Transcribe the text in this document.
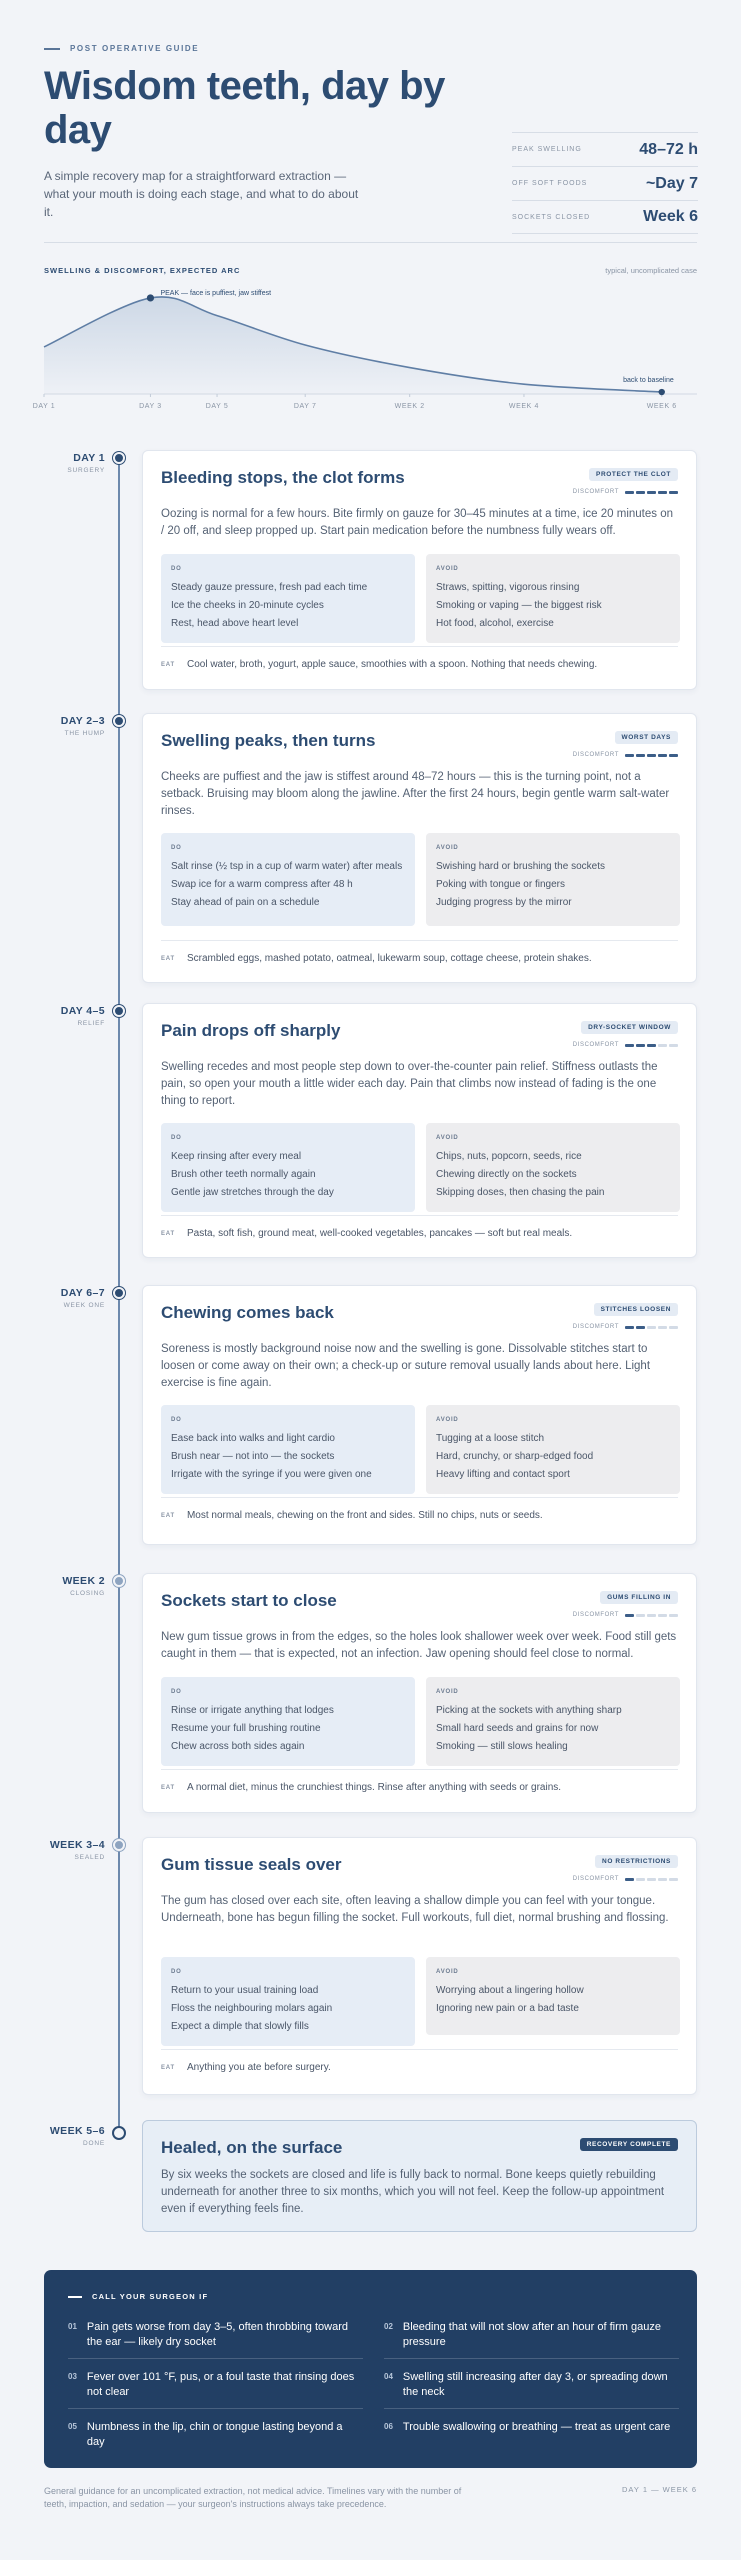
POST OPERATIVE GUIDE
Wisdom teeth, day by day

A simple recovery map for a straightforward extraction — what your mouth is doing each stage, and what to do about it.

PEAK SWELLING	48–72 h
OFF SOFT FOODS	~Day 7
SOCKETS CLOSED	Week 6
SWELLING & DISCOMFORT, EXPECTED ARC	typical, uncomplicated case
DAY 1	DAY 3	DAY 5	DAY 7	WEEK 2	WEEK 4	WEEK 6
PEAK — face is puffiest, jaw stiffest
back to baseline
DAY 1
SURGERY	Bleeding stops, the clot forms	PROTECT THE CLOT
DISCOMFORT

Oozing is normal for a few hours. Bite firmly on gauze for 30–45 minutes at a time, ice 20 minutes on / 20 off, and sleep propped up. Start pain medication before the numbness fully wears off.

DO
Steady gauze pressure, fresh pad each time
Ice the cheeks in 20-minute cycles
Rest, head above heart level
AVOID
Straws, spitting, vigorous rinsing
Smoking or vaping — the biggest risk
Hot food, alcohol, exercise
EAT Cool water, broth, yogurt, apple sauce, smoothies with a spoon. Nothing that needs chewing.
DAY 2–3
THE HUMP	Swelling peaks, then turns	WORST DAYS
DISCOMFORT

Cheeks are puffiest and the jaw is stiffest around 48–72 hours — this is the turning point, not a setback. Bruising may bloom along the jawline. After the first 24 hours, begin gentle warm salt-water rinses.

DO
Salt rinse (½ tsp in a cup of warm water) after meals
Swap ice for a warm compress after 48 h
Stay ahead of pain on a schedule
AVOID
Swishing hard or brushing the sockets
Poking with tongue or fingers
Judging progress by the mirror
EAT Scrambled eggs, mashed potato, oatmeal, lukewarm soup, cottage cheese, protein shakes.
DAY 4–5
RELIEF	Pain drops off sharply	DRY-SOCKET WINDOW
DISCOMFORT

Swelling recedes and most people step down to over-the-counter pain relief. Stiffness outlasts the pain, so open your mouth a little wider each day. Pain that climbs now instead of fading is the one thing to report.

DO
Keep rinsing after every meal
Brush other teeth normally again
Gentle jaw stretches through the day
AVOID
Chips, nuts, popcorn, seeds, rice
Chewing directly on the sockets
Skipping doses, then chasing the pain
EAT Pasta, soft fish, ground meat, well-cooked vegetables, pancakes — soft but real meals.
DAY 6–7
WEEK ONE	Chewing comes back	STITCHES LOOSEN
DISCOMFORT

Soreness is mostly background noise now and the swelling is gone. Dissolvable stitches start to loosen or come away on their own; a check-up or suture removal usually lands about here. Light exercise is fine again.

DO
Ease back into walks and light cardio
Brush near — not into — the sockets
Irrigate with the syringe if you were given one
AVOID
Tugging at a loose stitch
Hard, crunchy, or sharp-edged food
Heavy lifting and contact sport
EAT Most normal meals, chewing on the front and sides. Still no chips, nuts or seeds.
WEEK 2
CLOSING	Sockets start to close	GUMS FILLING IN
DISCOMFORT

New gum tissue grows in from the edges, so the holes look shallower week over week. Food still gets caught in them — that is expected, not an infection. Jaw opening should feel close to normal.

DO
Rinse or irrigate anything that lodges
Resume your full brushing routine
Chew across both sides again
AVOID
Picking at the sockets with anything sharp
Small hard seeds and grains for now
Smoking — still slows healing
EAT A normal diet, minus the crunchiest things. Rinse after anything with seeds or grains.
WEEK 3–4
SEALED	Gum tissue seals over	NO RESTRICTIONS
DISCOMFORT

The gum has closed over each site, often leaving a shallow dimple you can feel with your tongue. Underneath, bone has begun filling the socket. Full workouts, full diet, normal brushing and flossing.

DO
Return to your usual training load
Floss the neighbouring molars again
Expect a dimple that slowly fills
AVOID
Worrying about a lingering hollow
Ignoring new pain or a bad taste
EAT Anything you ate before surgery.
WEEK 5–6
DONE	Healed, on the surface	RECOVERY COMPLETE

By six weeks the sockets are closed and life is fully back to normal. Bone keeps quietly rebuilding underneath for another three to six months, which you will not feel. Keep the follow-up appointment even if everything feels fine.

CALL YOUR SURGEON IF
01 Pain gets worse from day 3–5, often throbbing toward the ear — likely dry socket
02 Bleeding that will not slow after an hour of firm gauze pressure
03 Fever over 101 °F, pus, or a foul taste that rinsing does not clear
04 Swelling still increasing after day 3, or spreading down the neck
05 Numbness in the lip, chin or tongue lasting beyond a day
06 Trouble swallowing or breathing — treat as urgent care
General guidance for an uncomplicated extraction, not medical advice. Timelines vary with the number of teeth, impaction, and sedation — your surgeon's instructions always take precedence.
DAY 1 — WEEK 6
